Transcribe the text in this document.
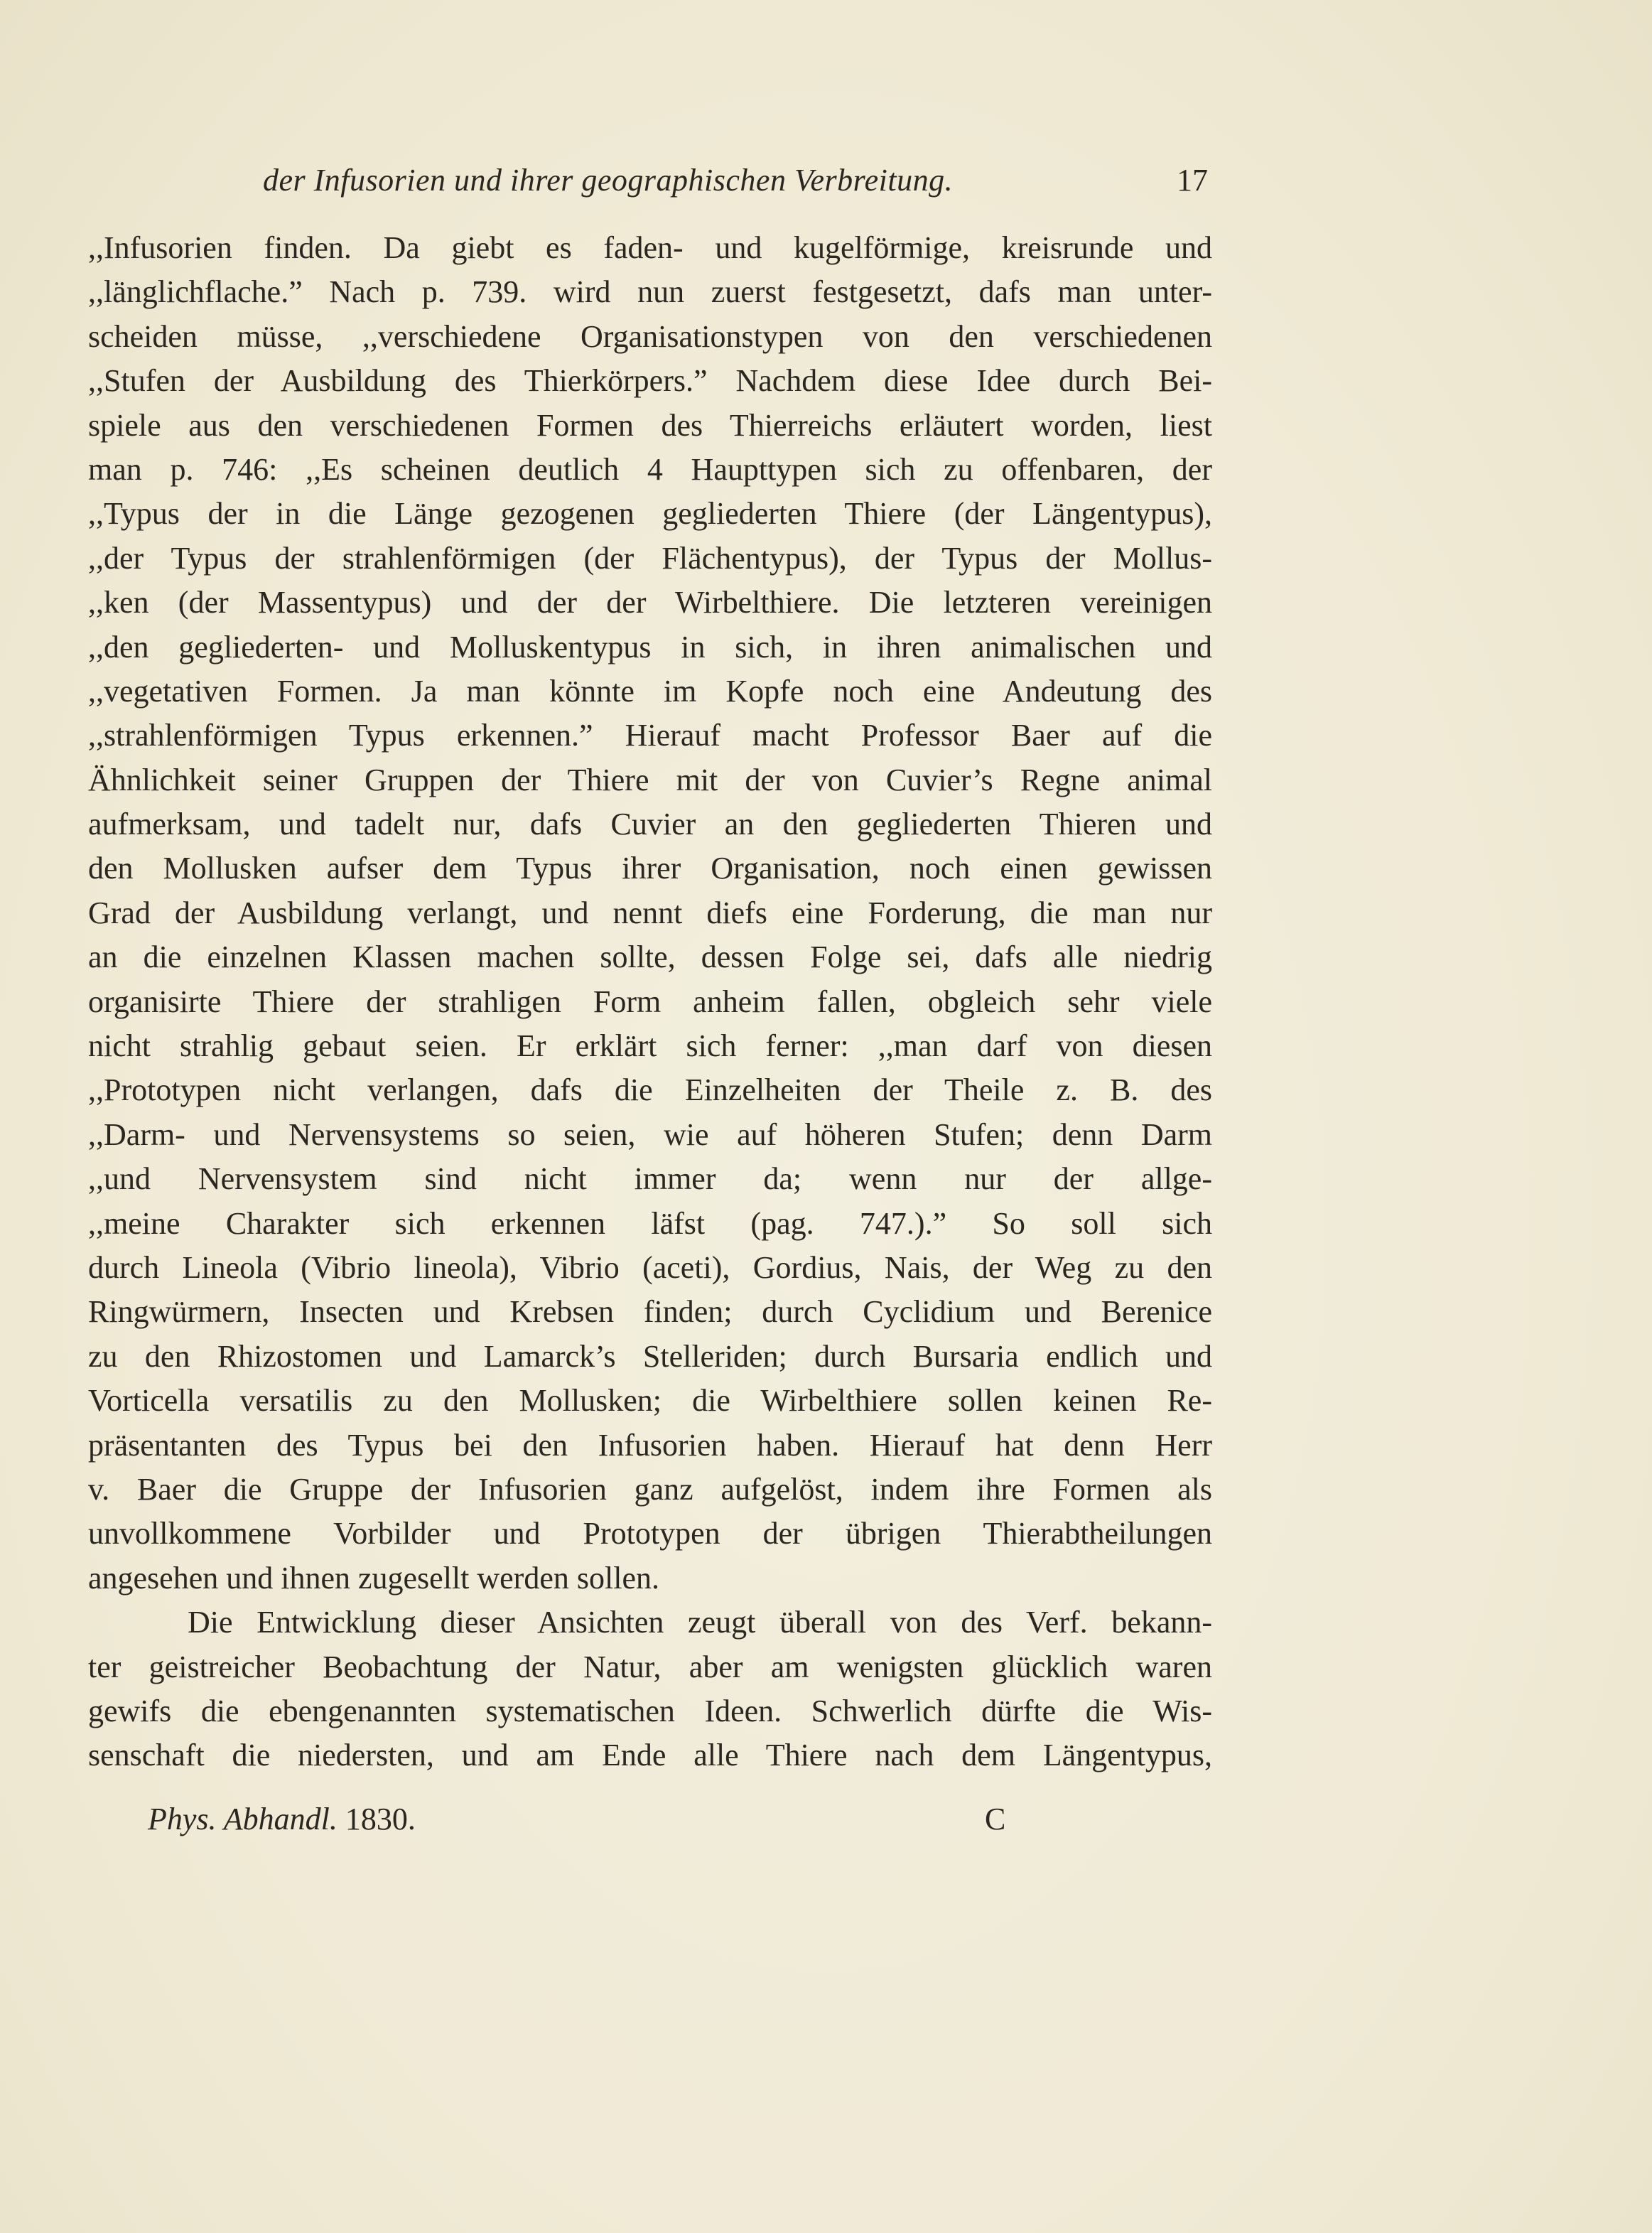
der Infusorien und ihrer geographischen Verbreitung.	17
,,Infusorien finden. Da giebt es faden- und kugelförmige, kreisrunde und
,,länglichflache.” Nach p. 739. wird nun zuerst festgesetzt, dafs man unter-
scheiden müsse, ,,verschiedene Organisationstypen von den verschiedenen
,,Stufen der Ausbildung des Thierkörpers.” Nachdem diese Idee durch Bei-
spiele aus den verschiedenen Formen des Thierreichs erläutert worden, liest
man p. 746: ,,Es scheinen deutlich 4 Haupttypen sich zu offenbaren, der
,,Typus der in die Länge gezogenen gegliederten Thiere (der Längentypus),
,,der Typus der strahlenförmigen (der Flächentypus), der Typus der Mollus-
,,ken (der Massentypus) und der der Wirbelthiere. Die letzteren vereinigen
,,den gegliederten- und Molluskentypus in sich, in ihren animalischen und
,,vegetativen Formen. Ja man könnte im Kopfe noch eine Andeutung des
,,strahlenförmigen Typus erkennen.” Hierauf macht Professor Baer auf die
Ähnlichkeit seiner Gruppen der Thiere mit der von Cuvier’s Regne animal
aufmerksam, und tadelt nur, dafs Cuvier an den gegliederten Thieren und
den Mollusken aufser dem Typus ihrer Organisation, noch einen gewissen
Grad der Ausbildung verlangt, und nennt diefs eine Forderung, die man nur
an die einzelnen Klassen machen sollte, dessen Folge sei, dafs alle niedrig
organisirte Thiere der strahligen Form anheim fallen, obgleich sehr viele
nicht strahlig gebaut seien. Er erklärt sich ferner: ,,man darf von diesen
,,Prototypen nicht verlangen, dafs die Einzelheiten der Theile z. B. des
,,Darm- und Nervensystems so seien, wie auf höheren Stufen; denn Darm
,,und Nervensystem sind nicht immer da; wenn nur der allge-
,,meine Charakter sich erkennen läfst (pag. 747.).” So soll sich
durch Lineola (Vibrio lineola), Vibrio (aceti), Gordius, Nais, der Weg zu den
Ringwürmern, Insecten und Krebsen finden; durch Cyclidium und Berenice
zu den Rhizostomen und Lamarck’s Stelleriden; durch Bursaria endlich und
Vorticella versatilis zu den Mollusken; die Wirbelthiere sollen keinen Re-
präsentanten des Typus bei den Infusorien haben. Hierauf hat denn Herr
v. Baer die Gruppe der Infusorien ganz aufgelöst, indem ihre Formen als
unvollkommene Vorbilder und Prototypen der übrigen Thierabtheilungen
angesehen und ihnen zugesellt werden sollen.
Die Entwicklung dieser Ansichten zeugt überall von des Verf. bekann-
ter geistreicher Beobachtung der Natur, aber am wenigsten glücklich waren
gewifs die ebengenannten systematischen Ideen. Schwerlich dürfte die Wis-
senschaft die niedersten, und am Ende alle Thiere nach dem Längentypus,
Phys. Abhandl. 1830.	C
